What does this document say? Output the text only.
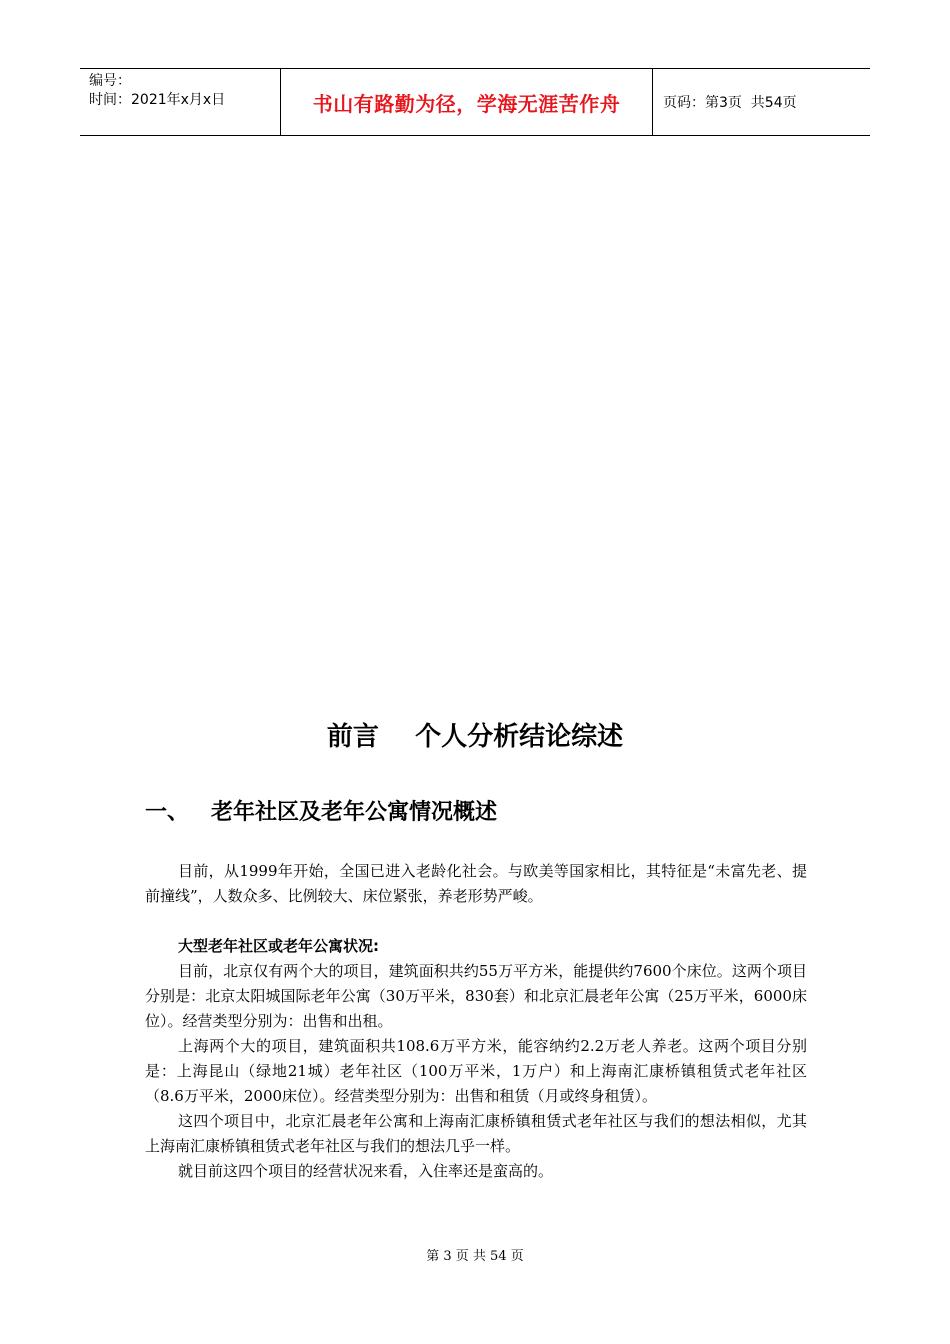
编号：
时间：2021年x月x日	书山有路勤为径，学海无涯苦作舟	页码：第3页  共54页
前言    个人分析结论综述
一、 老年社区及老年公寓情况概述

目前，从1999年开始，全国已进入老龄化社会。与欧美等国家相比，其特征是“未富先老、提前撞线”，人数众多、比例较大、床位紧张，养老形势严峻。

大型老年社区或老年公寓状况:

目前，北京仅有两个大的项目，建筑面积共约55万平方米，能提供约7600个床位。这两个项目分别是：北京太阳城国际老年公寓（30万平米，830套）和北京汇晨老年公寓（25万平米，6000床位）。经营类型分别为：出售和出租。

上海两个大的项目，建筑面积共108.6万平方米，能容纳约2.2万老人养老。这两个项目分别是：上海昆山（绿地21城）老年社区（100万平米，1万户）和上海南汇康桥镇租赁式老年社区（8.6万平米，2000床位）。经营类型分别为：出售和租赁（月或终身租赁）。

这四个项目中，北京汇晨老年公寓和上海南汇康桥镇租赁式老年社区与我们的想法相似，尤其上海南汇康桥镇租赁式老年社区与我们的想法几乎一样。

就目前这四个项目的经营状况来看，入住率还是蛮高的。

第 3 页 共 54 页
